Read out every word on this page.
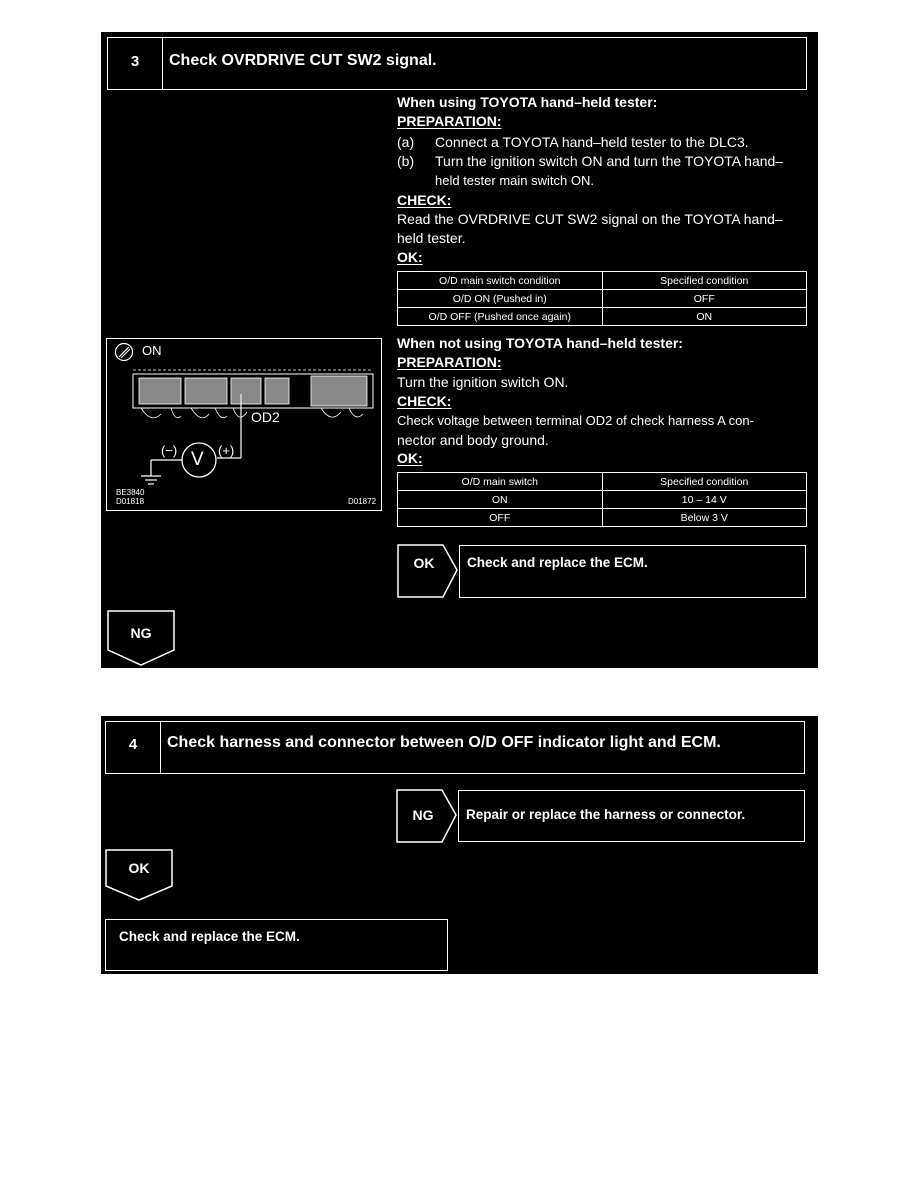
3	Check OVRDRIVE CUT SW2 signal.
When using TOYOTA hand–held tester:
PREPARATION:
(a) Connect a TOYOTA hand–held tester to the DLC3.
(b) Turn the ignition switch ON and turn the TOYOTA hand–
held tester main switch ON.
CHECK:
Read the OVRDRIVE CUT SW2 signal on the TOYOTA hand–
held tester.
OK:
O/D main switch condition	Specified condition
O/D ON (Pushed in)	OFF
O/D OFF (Pushed once again)	ON
ON
V
(−)	(+)
OD2
BE3840
D01818	D01872
When not using TOYOTA hand–held tester:
PREPARATION:
Turn the ignition switch ON.
CHECK:
Check voltage between terminal OD2 of check harness A con-
nector and body ground.
OK:
O/D main switch	Specified condition
ON	10 – 14 V
OFF	Below 3 V
OK	Check and replace the ECM.
NG
4	Check harness and connector between O/D OFF indicator light and ECM.
NG	Repair or replace the harness or connector.
OK
Check and replace the ECM.
